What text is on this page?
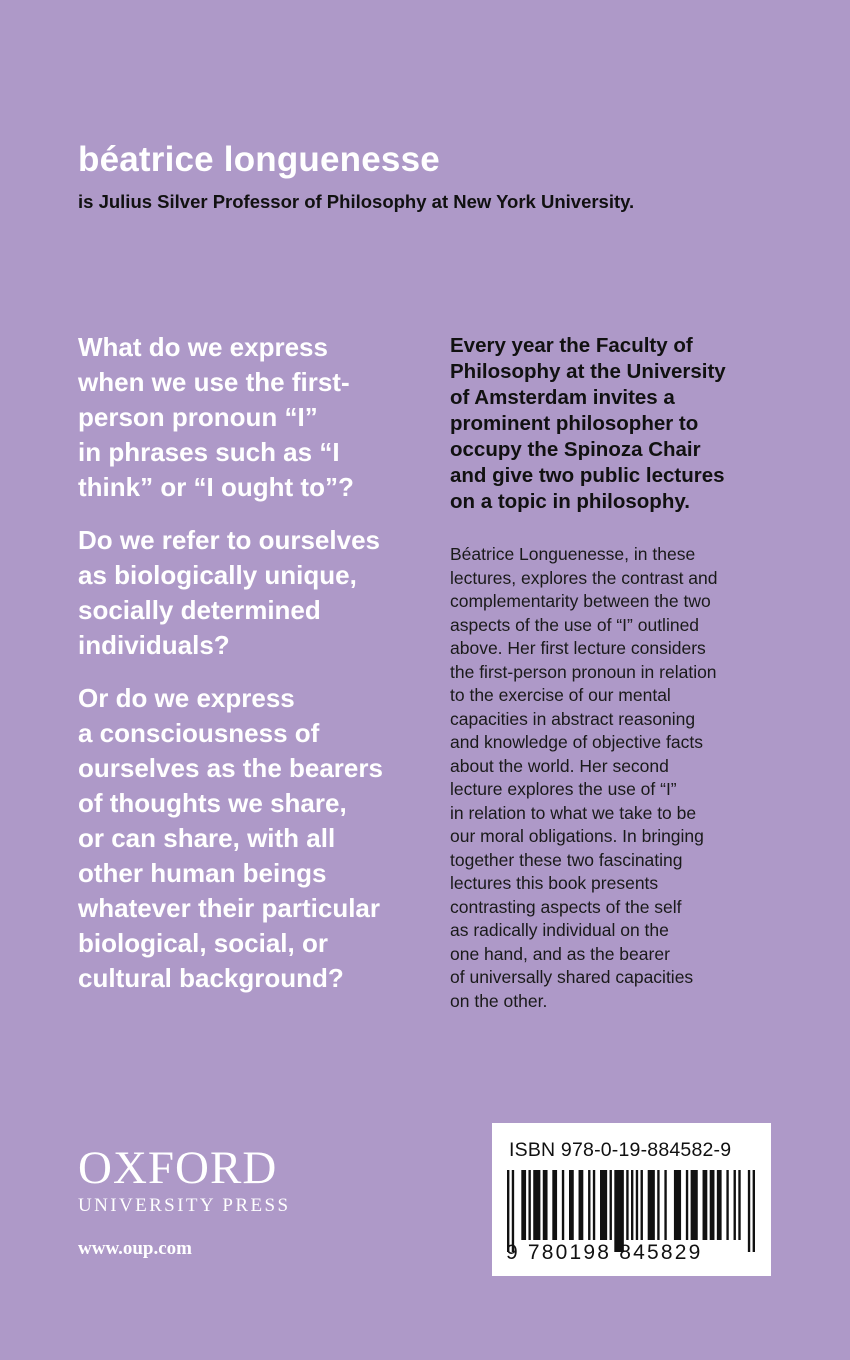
béatrice longuenesse
is Julius Silver Professor of Philosophy at New York University.

What do we express
when we use the first-
person pronoun “I”
in phrases such as “I
think” or “I ought to”?

Do we refer to ourselves
as biologically unique,
socially determined
individuals?

Or do we express
a consciousness of
ourselves as the bearers
of thoughts we share,
or can share, with all
other human beings
whatever their particular
biological, social, or
cultural background?

Every year the Faculty of
Philosophy at the University
of Amsterdam invites a
prominent philosopher to
occupy the Spinoza Chair
and give two public lectures
on a topic in philosophy.

Béatrice Longuenesse, in these
lectures, explores the contrast and
complementarity between the two
aspects of the use of “I” outlined
above. Her first lecture considers
the first-person pronoun in relation
to the exercise of our mental
capacities in abstract reasoning
and knowledge of objective facts
about the world. Her second
lecture explores the use of “I”
in relation to what we take to be
our moral obligations. In bringing
together these two fascinating
lectures this book presents
contrasting aspects of the self
as radically individual on the
one hand, and as the bearer
of universally shared capacities
on the other.

OXFORD
UNIVERSITY PRESS
www.oup.com
ISBN 978-0-19-884582-9
9 780198 845829
